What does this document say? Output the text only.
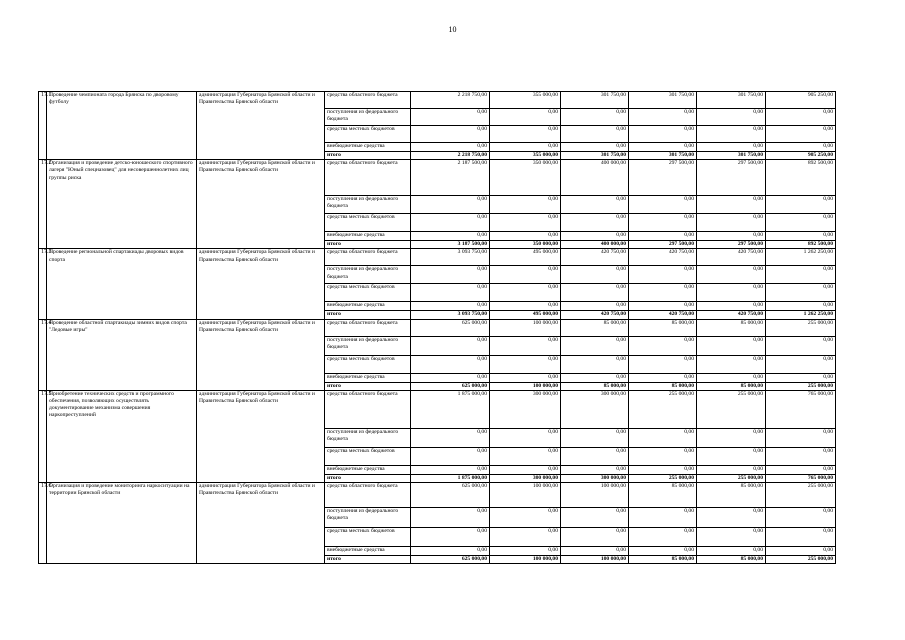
10
17.1	Проведение чемпионата города Брянска по дворовому футболу	администрация Губернатора Брянской области и Правительства Брянской области	средства областного бюджета	2 218 750,00	355 000,00	301 750,00	301 750,00	301 750,00	905 250,00
			поступления из федерального бюджета	0,00	0,00	0,00	0,00	0,00	0,00
			средства местных бюджетов	0,00	0,00	0,00	0,00	0,00	0,00
			внебюджетные средства	0,00	0,00	0,00	0,00	0,00	0,00
			итого	2 218 750,00	355 000,00	301 750,00	301 750,00	301 750,00	905 250,00
17.2	Организация и проведение детско-юношеского спортивного лагеря "Юный спецназовец" для несовершеннолетних лиц группы риска	администрация Губернатора Брянской области и Правительства Брянской области	средства областного бюджета	2 187 500,00	350 000,00	400 000,00	297 500,00	297 500,00	892 500,00
			поступления из федерального бюджета	0,00	0,00	0,00	0,00	0,00	0,00
			средства местных бюджетов	0,00	0,00	0,00	0,00	0,00	0,00
			внебюджетные средства	0,00	0,00	0,00	0,00	0,00	0,00
			итого	3 187 500,00	350 000,00	400 000,00	297 500,00	297 500,00	892 500,00
17.3	Проведение региональной спартакиады дворовых видов спорта	администрация Губернатора Брянской области и Правительства Брянской области	средства областного бюджета	3 093 750,00	495 000,00	420 750,00	420 750,00	420 750,00	1 262 250,00
			поступления из федерального бюджета	0,00	0,00	0,00	0,00	0,00	0,00
			средства местных бюджетов	0,00	0,00	0,00	0,00	0,00	0,00
			внебюджетные средства	0,00	0,00	0,00	0,00	0,00	0,00
			итого	3 093 750,00	495 000,00	420 750,00	420 750,00	420 750,00	1 262 250,00
17.4	Проведение областной спартакиады зимних видов спорта "Ледовые игры"	администрация Губернатора Брянской области и Правительства Брянской области	средства областного бюджета	625 000,00	100 000,00	85 000,00	85 000,00	85 000,00	255 000,00
			поступления из федерального бюджета	0,00	0,00	0,00	0,00	0,00	0,00
			средства местных бюджетов	0,00	0,00	0,00	0,00	0,00	0,00
			внебюджетные средства	0,00	0,00	0,00	0,00	0,00	0,00
			итого	625 000,00	100 000,00	85 000,00	85 000,00	85 000,00	255 000,00
17.5	Приобретение технических средств и программного обеспечения, позволяющих осуществлять документирование механизма совершения наркопреступлений	администрация Губернатора Брянской области и Правительства Брянской области	средства областного бюджета	1 875 000,00	300 000,00	300 000,00	255 000,00	255 000,00	765 000,00
			поступления из федерального бюджета	0,00	0,00	0,00	0,00	0,00	0,00
			средства местных бюджетов	0,00	0,00	0,00	0,00	0,00	0,00
			внебюджетные средства	0,00	0,00	0,00	0,00	0,00	0,00
			итого	1 875 000,00	300 000,00	300 000,00	255 000,00	255 000,00	765 000,00
17.6	Организация и проведение мониторинга наркоситуации на территории Брянской области	администрация Губернатора Брянской области и Правительства Брянской области	средства областного бюджета	625 000,00	100 000,00	100 000,00	85 000,00	85 000,00	255 000,00
			поступления из федерального бюджета	0,00	0,00	0,00	0,00	0,00	0,00
			средства местных бюджетов	0,00	0,00	0,00	0,00	0,00	0,00
			внебюджетные средства	0,00	0,00	0,00	0,00	0,00	0,00
			итого	625 000,00	100 000,00	100 000,00	85 000,00	85 000,00	255 000,00
